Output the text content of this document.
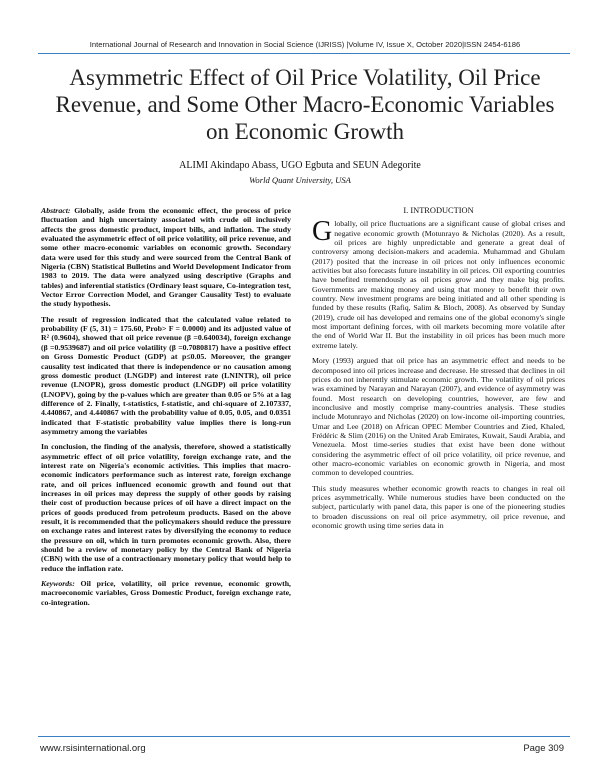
International Journal of Research and Innovation in Social Science (IJRISS) |Volume IV, Issue X, October 2020|ISSN 2454-6186
Asymmetric Effect of Oil Price Volatility, Oil Price Revenue, and Some Other Macro-Economic Variables on Economic Growth
ALIMI Akindapo Abass, UGO Egbuta and SEUN Adegorite
World Quant University, USA

Abstract: Globally, aside from the economic effect, the process of price fluctuation and high uncertainty associated with crude oil inclusively affects the gross domestic product, import bills, and inflation. The study evaluated the asymmetric effect of oil price volatility, oil price revenue, and some other macro-economic variables on economic growth. Secondary data were used for this study and were sourced from the Central Bank of Nigeria (CBN) Statistical Bulletins and World Development Indicator from 1983 to 2019. The data were analyzed using descriptive (Graphs and tables) and inferential statistics (Ordinary least square, Co-integration test, Vector Error Correction Model, and Granger Causality Test) to evaluate the study hypothesis.

The result of regression indicated that the calculated value related to probability (F (5, 31) = 175.60, Prob> F = 0.0000) and its adjusted value of R² (0.9604), showed that oil price revenue (β =0.640034), foreign exchange (β =0.9539687) and oil price volatility (β =0.7080817) have a positive effect on Gross Domestic Product (GDP) at p≤0.05. Moreover, the granger causality test indicated that there is independence or no causation among gross domestic product (LNGDP) and interest rate (LNINTR), oil price revenue (LNOPR), gross domestic product (LNGDP) oil price volatility (LNOPV), going by the p-values which are greater than 0.05 or 5% at a lag difference of 2. Finally, t-statistics, f-statistic, and chi-square of 2.107337, 4.440867, and 4.440867 with the probability value of 0.05, 0.05, and 0.0351 indicated that F-statistic probability value implies there is long-run asymmetry among the variables

In conclusion, the finding of the analysis, therefore, showed a statistically asymmetric effect of oil price volatility, foreign exchange rate, and the interest rate on Nigeria's economic activities. This implies that macro-economic indicators performance such as interest rate, foreign exchange rate, and oil prices influenced economic growth and found out that increases in oil prices may depress the supply of other goods by raising their cost of production because prices of oil have a direct impact on the prices of goods produced from petroleum products. Based on the above result, it is recommended that the policymakers should reduce the pressure on exchange rates and interest rates by diversifying the economy to reduce the pressure on oil, which in turn promotes economic growth. Also, there should be a review of monetary policy by the Central Bank of Nigeria (CBN) with the use of a contractionary monetary policy that would help to reduce the inflation rate.

Keywords: Oil price, volatility, oil price revenue, economic growth, macroeconomic variables, Gross Domestic Product, foreign exchange rate, co-integration.

I. INTRODUCTION

Globally, oil price fluctuations are a significant cause of global crises and negative economic growth (Motunrayo & Nicholas (2020). As a result, oil prices are highly unpredictable and generate a great deal of controversy among decision-makers and academia. Muhammad and Ghulam (2017) posited that the increase in oil prices not only influences economic activities but also forecasts future instability in oil prices. Oil exporting countries have benefited tremendously as oil prices grow and they make big profits. Governments are making money and using that money to benefit their own country. New investment programs are being initiated and all other spending is funded by these results (Rafiq, Salim & Bloch, 2008). As observed by Sunday (2019), crude oil has developed and remains one of the global economy's single most important defining forces, with oil markets becoming more volatile after the end of World War II. But the instability in oil prices has been much more extreme lately.

Mory (1993) argued that oil price has an asymmetric effect and needs to be decomposed into oil prices increase and decrease. He stressed that declines in oil prices do not inherently stimulate economic growth. The volatility of oil prices was examined by Narayan and Narayan (2007), and evidence of asymmetry was found. Most research on developing countries, however, are few and inconclusive and mostly comprise many-countries analysis. These studies include Motunrayo and Nicholas (2020) on low-income oil-importing countries, Umar and Lee (2018) on African OPEC Member Countries and Zied, Khaled, Frédéric & Slim (2016) on the United Arab Emirates, Kuwait, Saudi Arabia, and Venezuela. Most time-series studies that exist have been done without considering the asymmetric effect of oil price volatility, oil price revenue, and other macro-economic variables on economic growth in Nigeria, and most common to developed countries.

This study measures whether economic growth reacts to changes in real oil prices asymmetrically. While numerous studies have been conducted on the subject, particularly with panel data, this paper is one of the pioneering studies to broaden discussions on real oil price asymmetry, oil price revenue, and economic growth using time series data in

www.rsisinternational.org	Page 309
